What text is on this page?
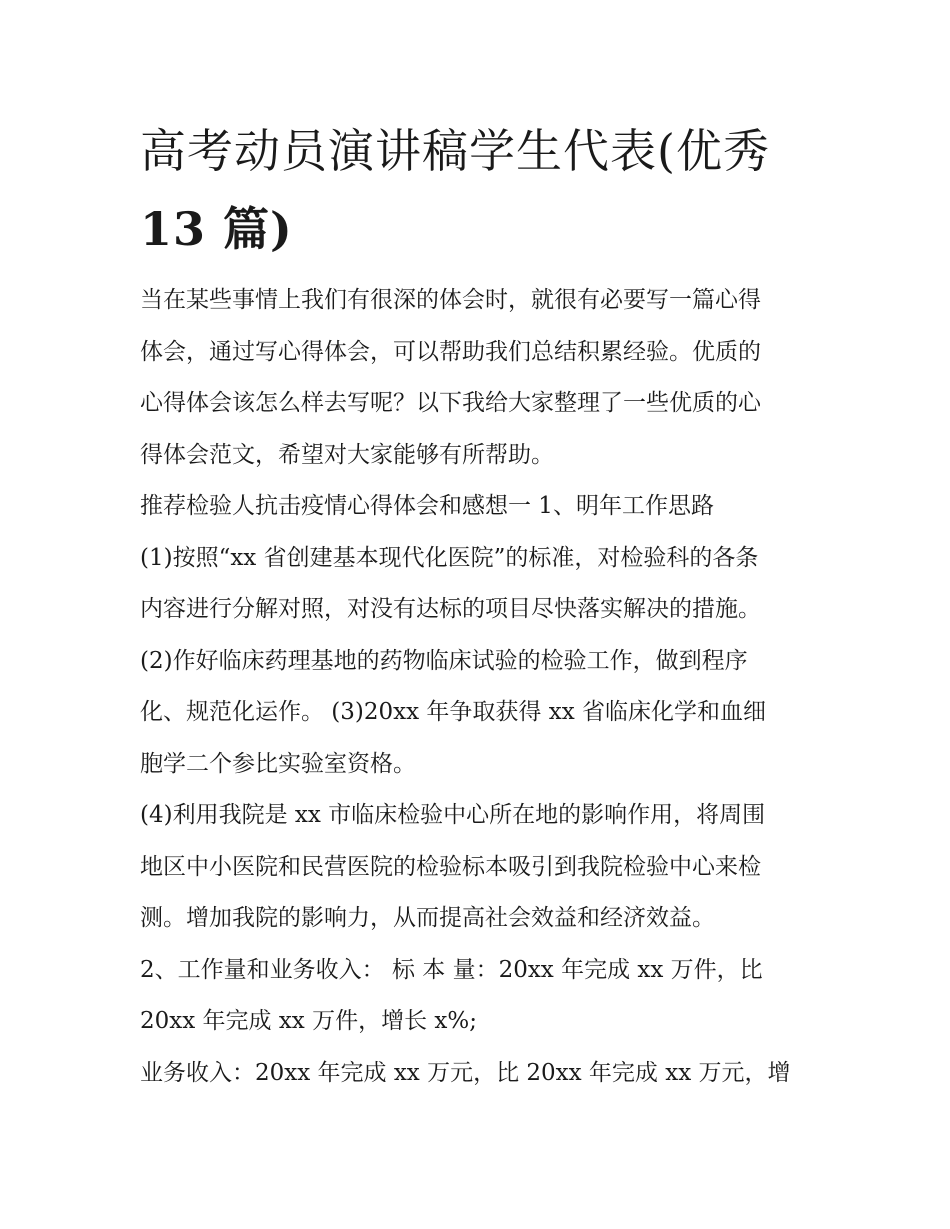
高考动员演讲稿学生代表(优秀
13 篇)

当在某些事情上我们有很深的体会时，就很有必要写一篇心得

体会，通过写心得体会，可以帮助我们总结积累经验。优质的

心得体会该怎么样去写呢？以下我给大家整理了一些优质的心

得体会范文，希望对大家能够有所帮助。

推荐检验人抗击疫情心得体会和感想一 1、明年工作思路

(1)按照“xx 省创建基本现代化医院”的标准，对检验科的各条

内容进行分解对照，对没有达标的项目尽快落实解决的措施。

(2)作好临床药理基地的药物临床试验的检验工作，做到程序

化、规范化运作。 (3)20xx 年争取获得 xx 省临床化学和血细

胞学二个参比实验室资格。

(4)利用我院是 xx 市临床检验中心所在地的影响作用，将周围

地区中小医院和民营医院的检验标本吸引到我院检验中心来检

测。增加我院的影响力，从而提高社会效益和经济效益。

2、工作量和业务收入： 标 本 量：20xx 年完成 xx 万件，比

20xx 年完成 xx 万件，增长 x%;

业务收入：20xx 年完成 xx 万元，比 20xx 年完成 xx 万元，增
